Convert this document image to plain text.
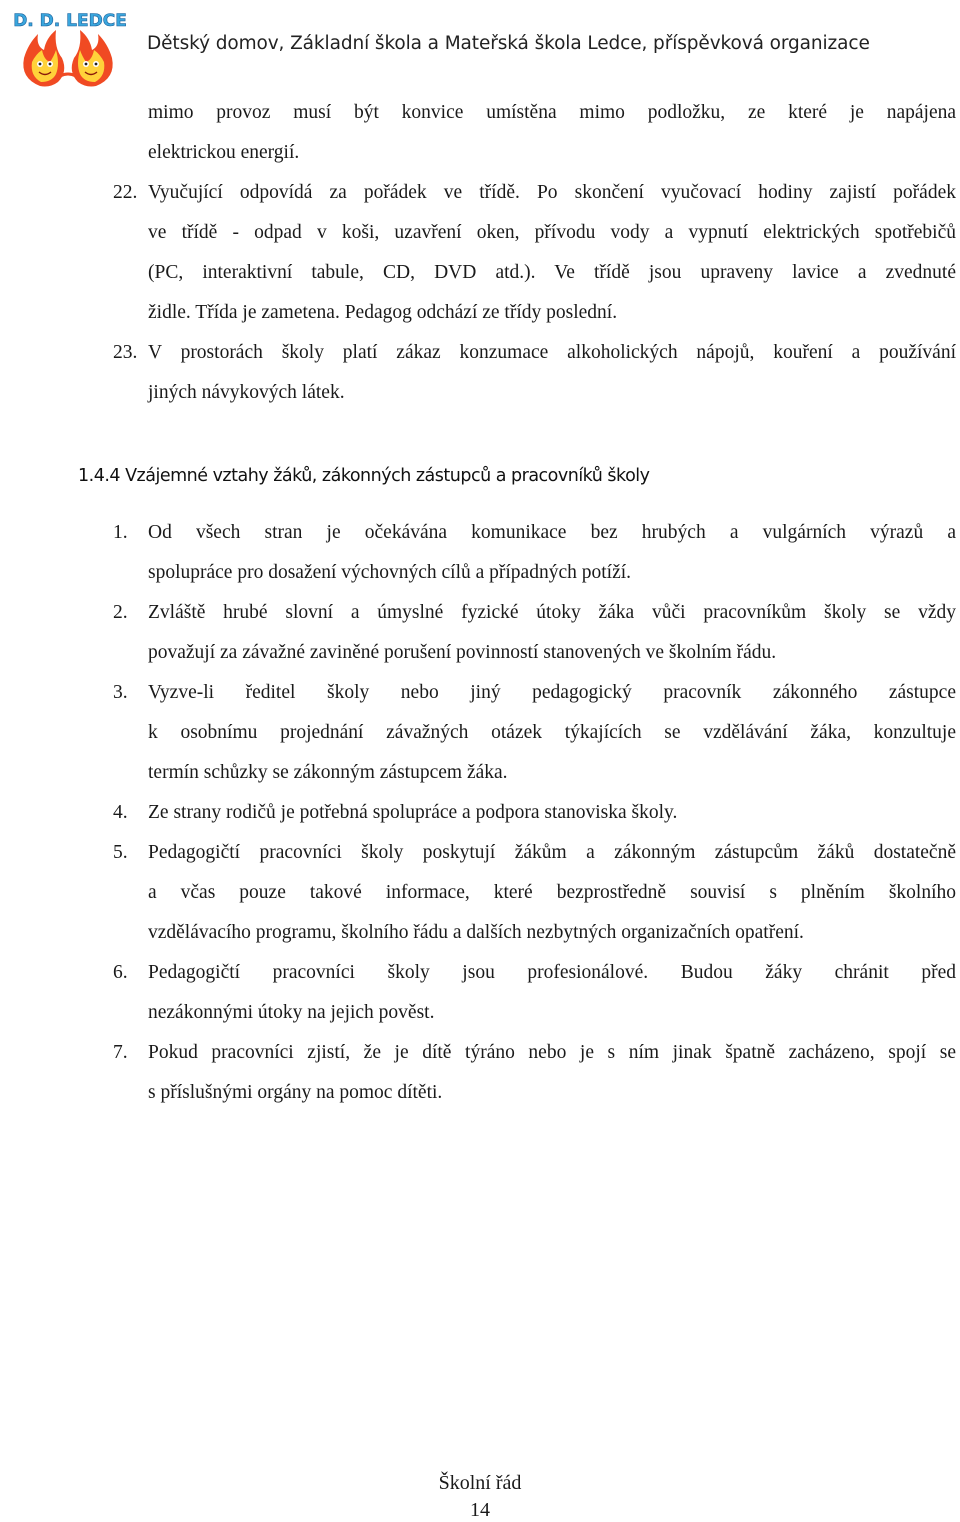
D. D. LEDCE
Dětský domov, Základní škola a Mateřská škola Ledce, příspěvková organizace
mimo provoz musí být konvice umístěna mimo podložku, ze které je napájena
elektrickou energií.
22. Vyučující odpovídá za pořádek ve třídě. Po skončení vyučovací hodiny zajistí pořádek
ve třídě - odpad v koši, uzavření oken, přívodu vody a vypnutí elektrických spotřebičů
(PC, interaktivní tabule, CD, DVD atd.). Ve třídě jsou upraveny lavice a zvednuté
židle. Třída je zametena. Pedagog odchází ze třídy poslední.
23. V prostorách školy platí zákaz konzumace alkoholických nápojů, kouření a používání
jiných návykových látek.
1.4.4 Vzájemné vztahy žáků, zákonných zástupců a pracovníků školy
1. Od všech stran je očekávána komunikace bez hrubých a vulgárních výrazů a
spolupráce pro dosažení výchovných cílů a případných potíží.
2. Zvláště hrubé slovní a úmyslné fyzické útoky žáka vůči pracovníkům školy se vždy
považují za závažné zaviněné porušení povinností stanovených ve školním řádu.
3. Vyzve-li ředitel školy nebo jiný pedagogický pracovník zákonného zástupce
k osobnímu projednání závažných otázek týkajících se vzdělávání žáka, konzultuje
termín schůzky se zákonným zástupcem žáka.
4. Ze strany rodičů je potřebná spolupráce a podpora stanoviska školy.
5. Pedagogičtí pracovníci školy poskytují žákům a zákonným zástupcům žáků dostatečně
a včas pouze takové informace, které bezprostředně souvisí s plněním školního
vzdělávacího programu, školního řádu a dalších nezbytných organizačních opatření.
6. Pedagogičtí pracovníci školy jsou profesionálové. Budou žáky chránit před
nezákonnými útoky na jejich pověst.
7. Pokud pracovníci zjistí, že je dítě týráno nebo je s ním jinak špatně zacházeno, spojí se
s příslušnými orgány na pomoc dítěti.
Školní řád
14
